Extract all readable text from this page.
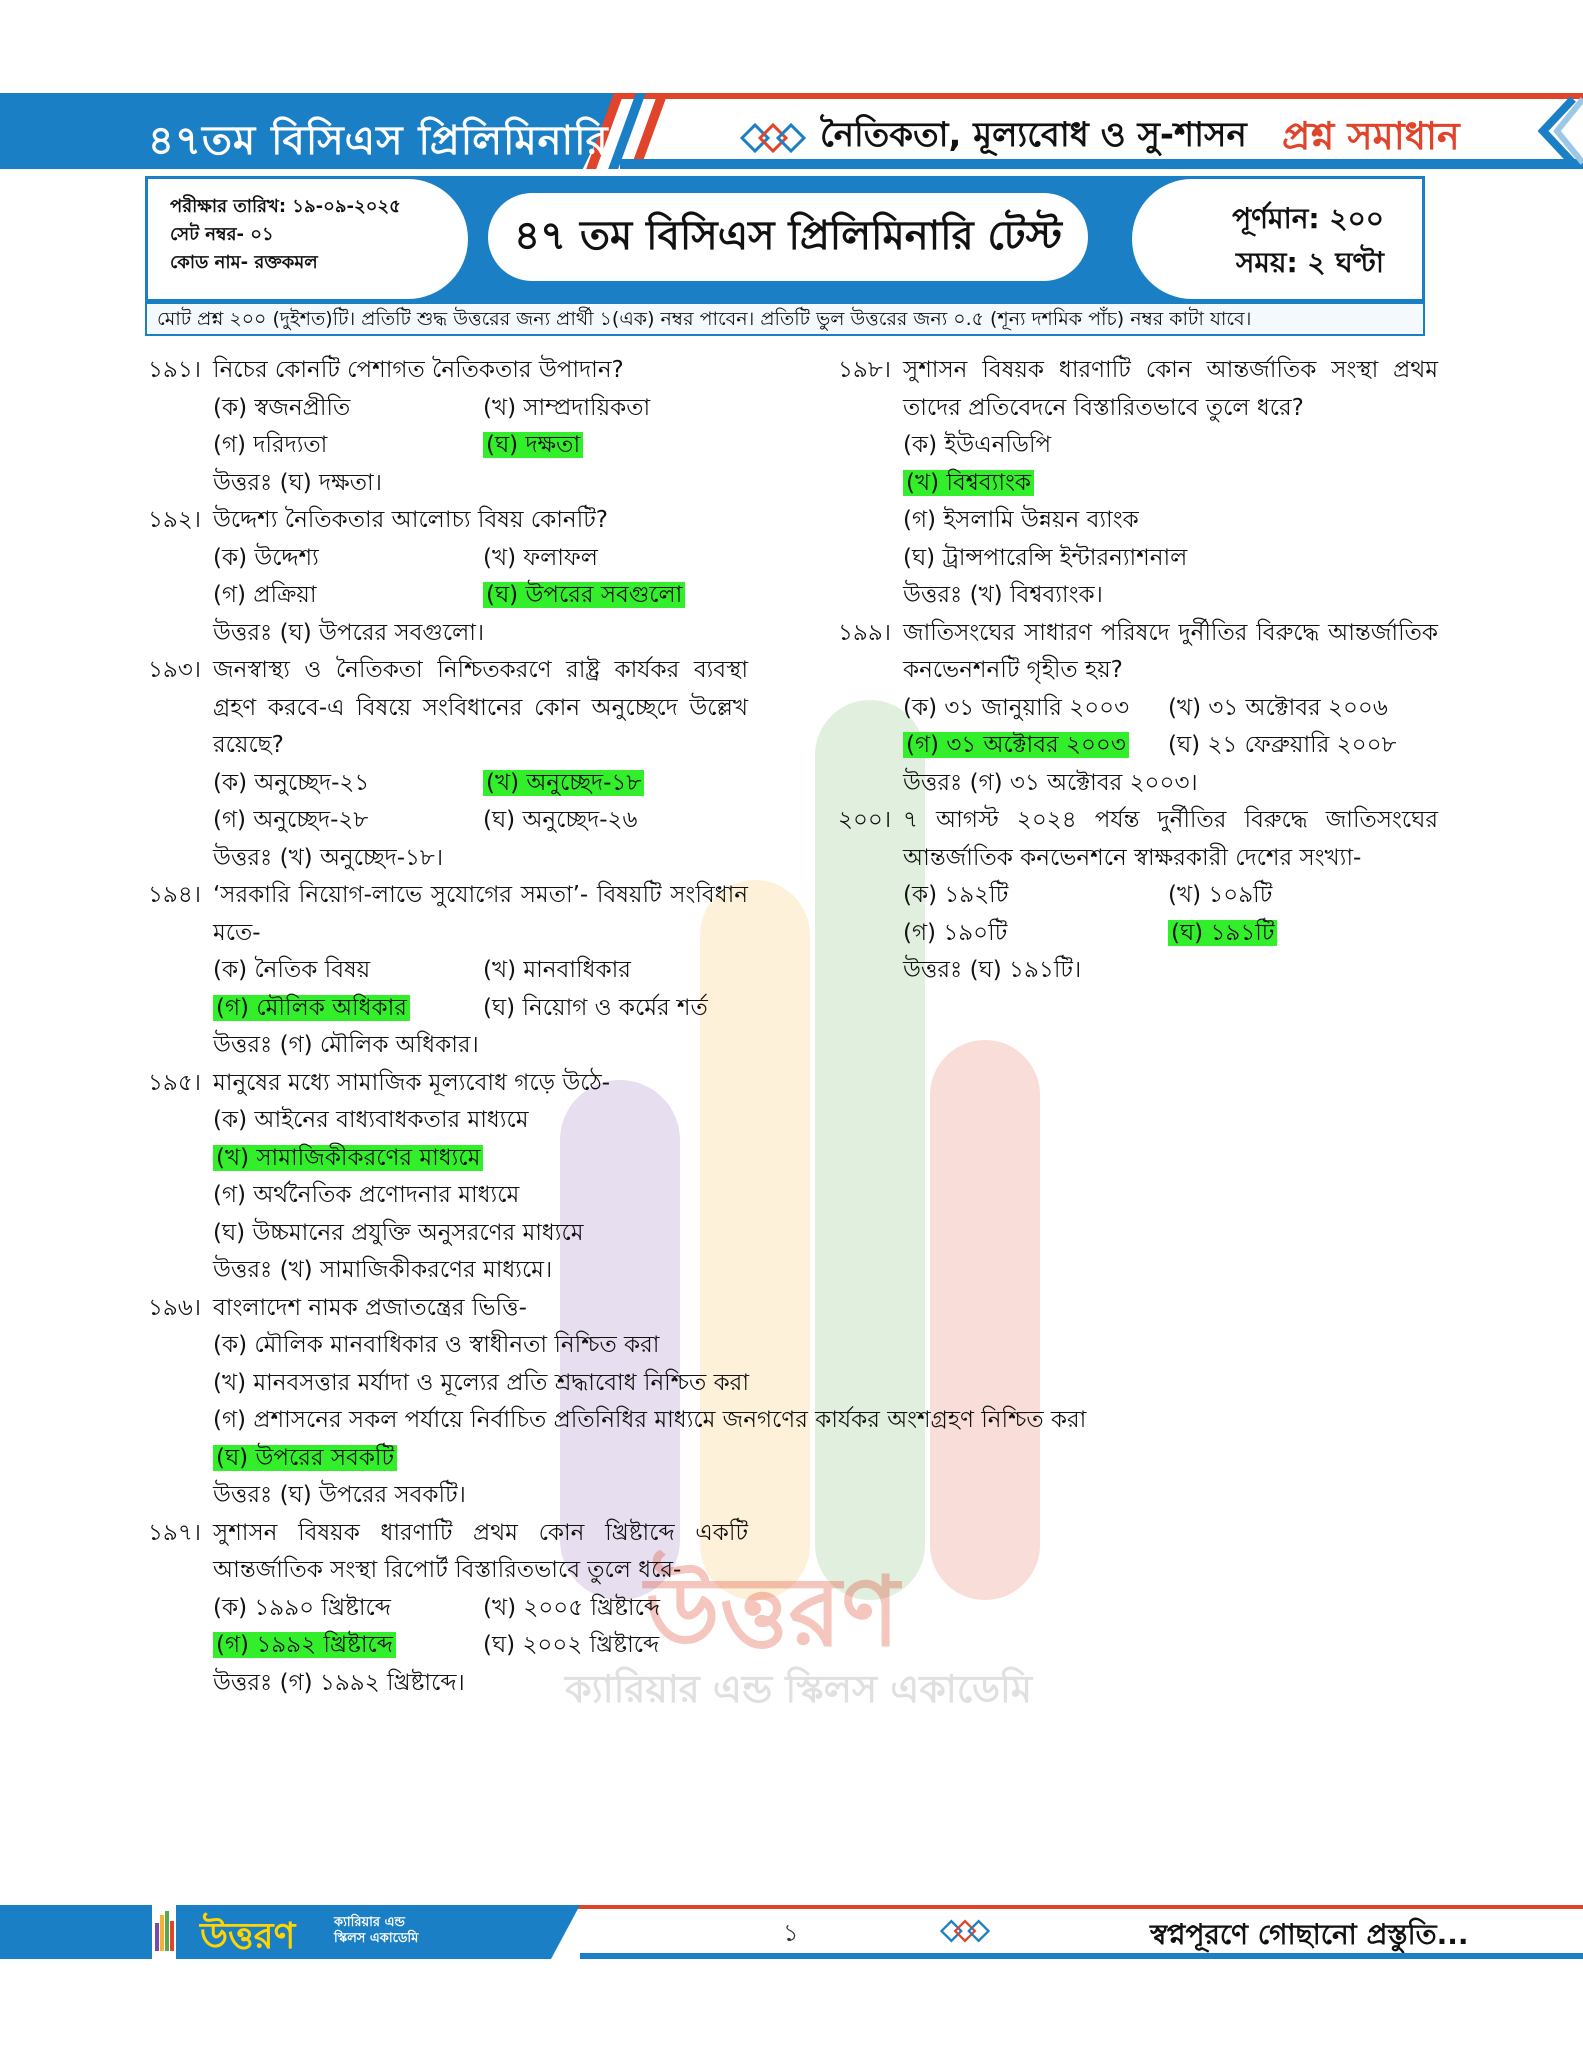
৪৭তম বিসিএস প্রিলিমিনারি	নৈতিকতা, মূল্যবোধ ও সু-শাসন প্রশ্ন সমাধান
পরীক্ষার তারিখ: ১৯-০৯-২০২৫
সেট নম্বর- ০১
কোড নাম- রক্তকমল
৪৭ তম বিসিএস প্রিলিমিনারি টেস্ট	পূর্ণমান: ২০০
সময়: ২ ঘণ্টা
মোট প্রশ্ন ২০০ (দুইশত)টি। প্রতিটি শুদ্ধ উত্তরের জন্য প্রার্থী ১(এক) নম্বর পাবেন। প্রতিটি ভুল উত্তরের জন্য ০.৫ (শূন্য দশমিক পাঁচ) নম্বর কাটা যাবে।
উত্তরণ
ক্যারিয়ার এন্ড স্কিলস একাডেমি
১৯১। নিচের কোনটি পেশাগত নৈতিকতার উপাদান?
(ক) স্বজনপ্রীতি	(খ) সাম্প্রদায়িকতা
(গ) দরিদ্যতা	(ঘ) দক্ষতা
উত্তরঃ (ঘ) দক্ষতা।
১৯২। উদ্দেশ্য নৈতিকতার আলোচ্য বিষয় কোনটি?
(ক) উদ্দেশ্য	(খ) ফলাফল
(গ) প্রক্রিয়া	(ঘ) উপরের সবগুলো
উত্তরঃ (ঘ) উপরের সবগুলো।
১৯৩। জনস্বাস্থ্য ও নৈতিকতা নিশ্চিতকরণে রাষ্ট্র কার্যকর ব্যবস্থা গ্রহণ করবে-এ বিষয়ে সংবিধানের কোন অনুচ্ছেদে উল্লেখ রয়েছে?
(ক) অনুচ্ছেদ-২১	(খ) অনুচ্ছেদ-১৮
(গ) অনুচ্ছেদ-২৮	(ঘ) অনুচ্ছেদ-২৬
উত্তরঃ (খ) অনুচ্ছেদ-১৮।
১৯৪। ‘সরকারি নিয়োগ-লাভে সুযোগের সমতা’- বিষয়টি সংবিধান মতে-
(ক) নৈতিক বিষয়	(খ) মানবাধিকার
(গ) মৌলিক অধিকার	(ঘ) নিয়োগ ও কর্মের শর্ত
উত্তরঃ (গ) মৌলিক অধিকার।
১৯৫। মানুষের মধ্যে সামাজিক মূল্যবোধ গড়ে উঠে-
(ক) আইনের বাধ্যবাধকতার মাধ্যমে
(খ) সামাজিকীকরণের মাধ্যমে
(গ) অর্থনৈতিক প্রণোদনার মাধ্যমে
(ঘ) উচ্চমানের প্রযুক্তি অনুসরণের মাধ্যমে
উত্তরঃ (খ) সামাজিকীকরণের মাধ্যমে।
১৯৬। বাংলাদেশ নামক প্রজাতন্ত্রের ভিত্তি-
(ক) মৌলিক মানবাধিকার ও স্বাধীনতা নিশ্চিত করা
(খ) মানবসত্তার মর্যাদা ও মূল্যের প্রতি শ্রদ্ধাবোধ নিশ্চিত করা
(গ) প্রশাসনের সকল পর্যায়ে নির্বাচিত প্রতিনিধির মাধ্যমে জনগণের কার্যকর অংশগ্রহণ নিশ্চিত করা
(ঘ) উপরের সবকটি
উত্তরঃ (ঘ) উপরের সবকটি।
১৯৭। সুশাসন বিষয়ক ধারণাটি প্রথম কোন খ্রিষ্টাব্দে একটি আন্তর্জাতিক সংস্থা রিপোর্ট বিস্তারিতভাবে তুলে ধরে-
(ক) ১৯৯০ খ্রিষ্টাব্দে	(খ) ২০০৫ খ্রিষ্টাব্দে
(গ) ১৯৯২ খ্রিষ্টাব্দে	(ঘ) ২০০২ খ্রিষ্টাব্দে
উত্তরঃ (গ) ১৯৯২ খ্রিষ্টাব্দে।
১৯৮। সুশাসন বিষয়ক ধারণাটি কোন আন্তর্জাতিক সংস্থা প্রথম তাদের প্রতিবেদনে বিস্তারিতভাবে তুলে ধরে?
(ক) ইউএনডিপি
(খ) বিশ্বব্যাংক
(গ) ইসলামি উন্নয়ন ব্যাংক
(ঘ) ট্রান্সপারেন্সি ইন্টারন্যাশনাল
উত্তরঃ (খ) বিশ্বব্যাংক।
১৯৯। জাতিসংঘের সাধারণ পরিষদে দুর্নীতির বিরুদ্ধে আন্তর্জাতিক কনভেনশনটি গৃহীত হয়?
(ক) ৩১ জানুয়ারি ২০০৩	(খ) ৩১ অক্টোবর ২০০৬
(গ) ৩১ অক্টোবর ২০০৩	(ঘ) ২১ ফেব্রুয়ারি ২০০৮
উত্তরঃ (গ) ৩১ অক্টোবর ২০০৩।
২০০। ৭ আগস্ট ২০২৪ পর্যন্ত দুর্নীতির বিরুদ্ধে জাতিসংঘের আন্তর্জাতিক কনভেনশনে স্বাক্ষরকারী দেশের সংখ্যা-
(ক) ১৯২টি	(খ) ১০৯টি
(গ) ১৯০টি	(ঘ) ১৯১টি
উত্তরঃ (ঘ) ১৯১টি।
উত্তরণ	ক্যারিয়ার এন্ড
স্কিলস একাডেমি	১	স্বপ্নপূরণে গোছানো প্রস্তুতি...
